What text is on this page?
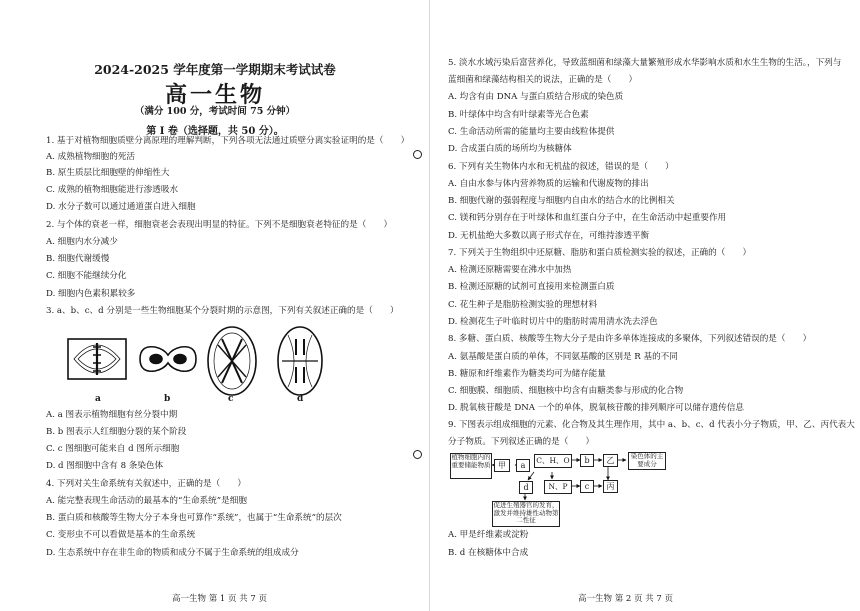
2024-2025 学年度第一学期期末考试试卷
高一生物
（满分 100 分，考试时间 75 分钟）
第 I 卷（选择题，共 50 分）。
1. 基于对植物细胞质壁分离原理的理解判断，下列各项无法通过质壁分离实验证明的是（　　）
A. 成熟植物细胞的死活
B. 原生质层比细胞壁的伸缩性大
C. 成熟的植物细胞能进行渗透吸水
D. 水分子数可以通过通道蛋白进入细胞
2. 与个体的衰老一样，细胞衰老会表现出明显的特征。下列不是细胞衰老特征的是（　　）
A. 细胞内水分减少
B. 细胞代谢缓慢
C. 细胞不能继续分化
D. 细胞内色素积累较多
3. a、b、c、d 分别是一些生物细胞某个分裂时期的示意图，下列有关叙述正确的是（　　）
a	b	c	d
A. a 图表示植物细胞有丝分裂中期
B. b 图表示人红细胞分裂的某个阶段
C. c 图细胞可能来自 d 图所示细胞
D. d 图细胞中含有 8 条染色体
4. 下列对关生命系统有关叙述中，正确的是（　　）
A. 能完整表现生命活动的最基本的“生命系统”是细胞
B. 蛋白质和核酸等生物大分子本身也可算作“系统”，也属于“生命系统”的层次
C. 变形虫不可以看做是基本的生命系统
D. 生态系统中存在非生命的物质和成分不属于生命系统的组成成分
高一生物 第 1 页 共 7 页
5. 淡水水域污染后富营养化，导致蓝细菌和绿藻大量繁殖形成水华影响水质和水生生物的生活。，下列与
蓝细菌和绿藻结构相关的说法，正确的是（　　）
A. 均含有由 DNA 与蛋白质结合形成的染色质
B. 叶绿体中均含有叶绿素等光合色素
C. 生命活动所需的能量均主要由线粒体提供
D. 合成蛋白质的场所均为核糖体
6. 下列有关生物体内水和无机盐的叙述，错误的是（　　）
A. 自由水参与体内营养物质的运输和代谢废物的排出
B. 细胞代谢的强弱程度与细胞内自由水的结合水的比例相关
C. 镁和钙分别存在于叶绿体和血红蛋白分子中，在生命活动中起重要作用
D. 无机盐绝大多数以离子形式存在，可维持渗透平衡
7. 下列关于生物组织中还原糖、脂肪和蛋白质检测实验的叙述，正确的（　　）
A. 检测还原糖需要在沸水中加热
B. 检测还原糖的试剂可直接用来检测蛋白质
C. 花生种子是脂肪检测实验的理想材料
D. 检测花生子叶临时切片中的脂肪时需用清水洗去浮色
8. 多糖、蛋白质、核酸等生物大分子是由许多单体连接成的多聚体，下列叙述错误的是（　　）
A. 氨基酸是蛋白质的单体，不同氨基酸的区别是 R 基的不同
B. 糖原和纤维素作为糖类均可为储存能量
C. 细胞膜、细胞质、细胞核中均含有由糖类参与形成的化合物
D. 脱氧核苷酸是 DNA 一个的单体，脱氧核苷酸的排列顺序可以储存遗传信息
9. 下图表示组成细胞的元素、化合物及其生理作用，其中 a、b、c、d 代表小分子物质，甲、乙、丙代表大
分子物质。下列叙述正确的是（　　）
植物细胞内的重要储能物质 甲	a
C、H、O	b	乙	染色体的主要成分
N、P	c	丙
d
促进生殖器官的发育，激发并维持雄性动物第二性征
A. 甲是纤维素或淀粉
B. d 在核糖体中合成
高一生物 第 2 页 共 7 页
